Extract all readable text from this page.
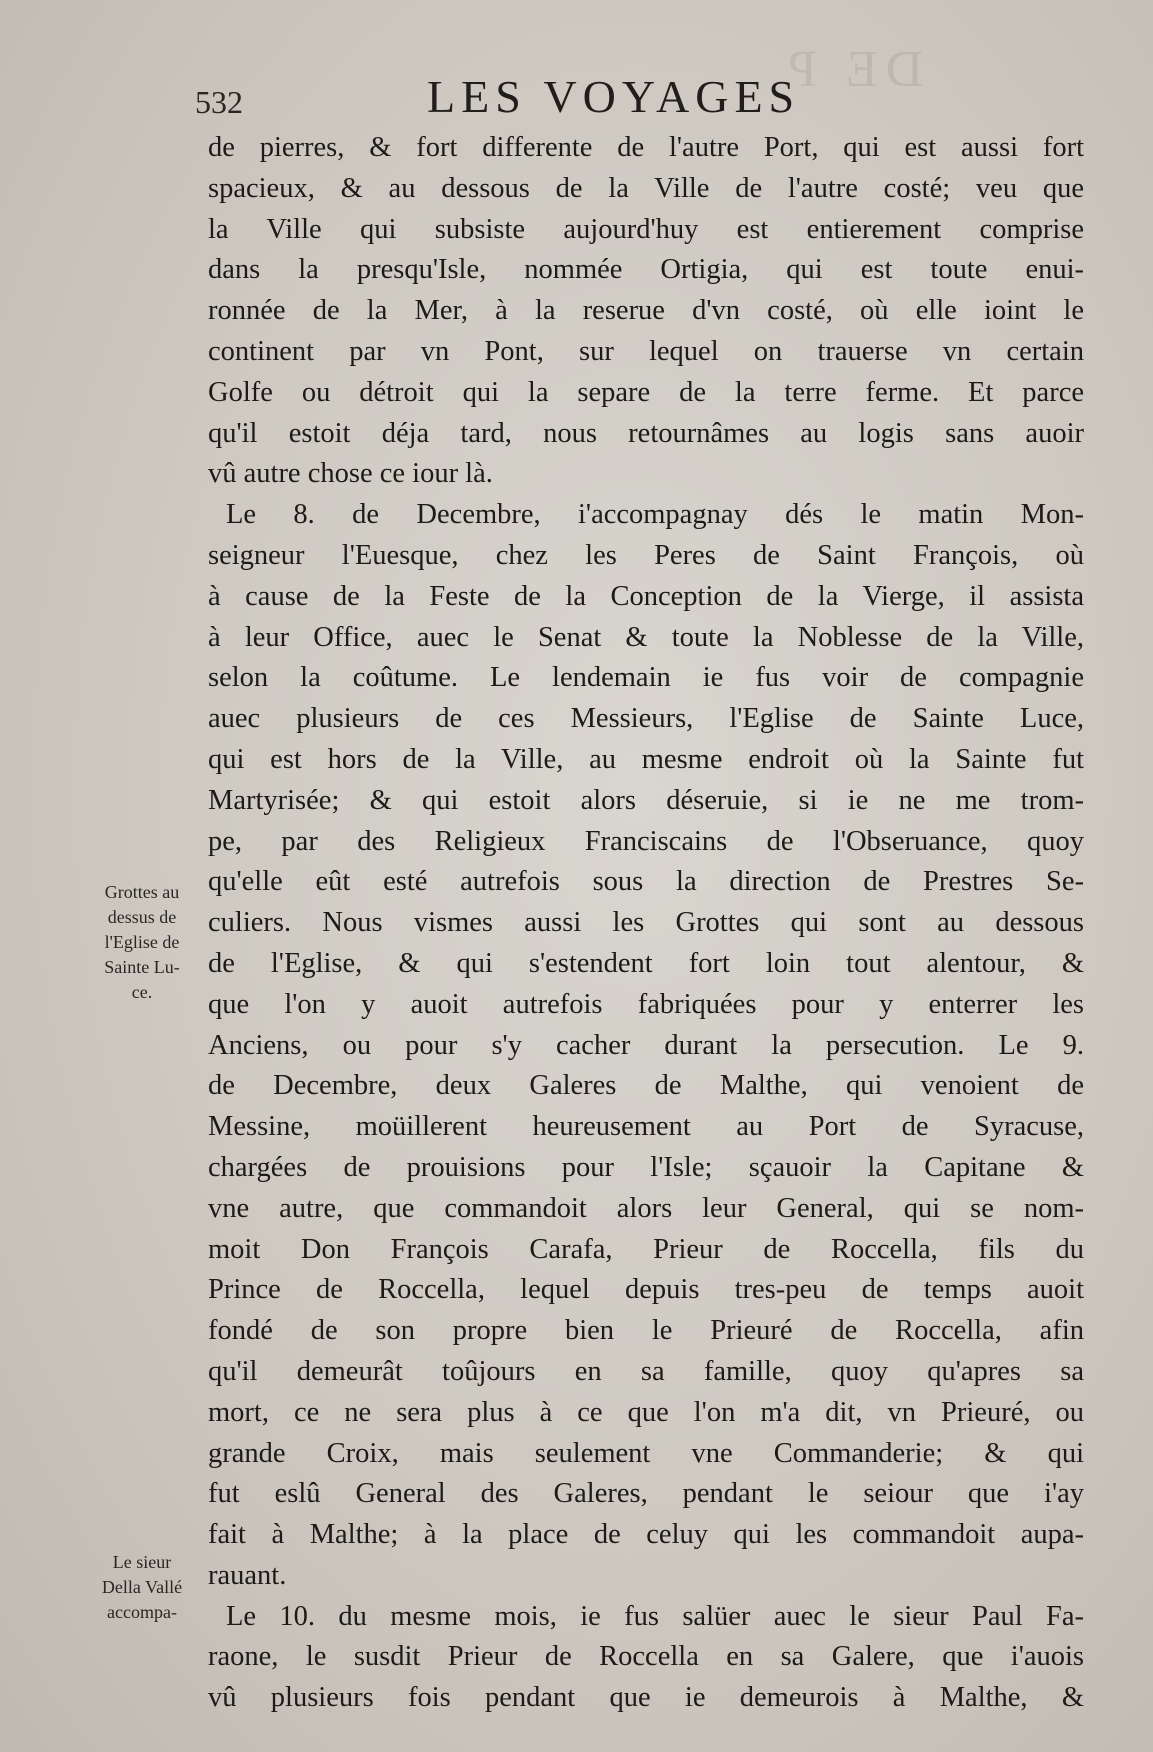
DE P
532	LES VOYAGES
de pierres, & fort differente de l'autre Port, qui est aussi fort
spacieux, & au dessous de la Ville de l'autre costé; veu que
la Ville qui subsiste aujourd'huy est entierement comprise
dans la presqu'Isle, nommée Ortigia, qui est toute enui-
ronnée de la Mer, à la reserue d'vn costé, où elle ioint le
continent par vn Pont, sur lequel on trauerse vn certain
Golfe ou détroit qui la separe de la terre ferme. Et parce
qu'il estoit déja tard, nous retournâmes au logis sans auoir
vû autre chose ce iour là.
Le 8. de Decembre, i'accompagnay dés le matin Mon-
seigneur l'Euesque, chez les Peres de Saint François, où
à cause de la Feste de la Conception de la Vierge, il assista
à leur Office, auec le Senat & toute la Noblesse de la Ville,
selon la coûtume. Le lendemain ie fus voir de compagnie
auec plusieurs de ces Messieurs, l'Eglise de Sainte Luce,
qui est hors de la Ville, au mesme endroit où la Sainte fut
Martyrisée; & qui estoit alors déseruie, si ie ne me trom-
pe, par des Religieux Franciscains de l'Obseruance, quoy
qu'elle eût esté autrefois sous la direction de Prestres Se-
culiers. Nous vismes aussi les Grottes qui sont au dessous
de l'Eglise, & qui s'estendent fort loin tout alentour, &
que l'on y auoit autrefois fabriquées pour y enterrer les
Anciens, ou pour s'y cacher durant la persecution. Le 9.
de Decembre, deux Galeres de Malthe, qui venoient de
Messine, moüillerent heureusement au Port de Syracuse,
chargées de prouisions pour l'Isle; sçauoir la Capitane &
vne autre, que commandoit alors leur General, qui se nom-
moit Don François Carafa, Prieur de Roccella, fils du
Prince de Roccella, lequel depuis tres-peu de temps auoit
fondé de son propre bien le Prieuré de Roccella, afin
qu'il demeurât toûjours en sa famille, quoy qu'apres sa
mort, ce ne sera plus à ce que l'on m'a dit, vn Prieuré, ou
grande Croix, mais seulement vne Commanderie; & qui
fut eslû General des Galeres, pendant le seiour que i'ay
fait à Malthe; à la place de celuy qui les commandoit aupa-
rauant.
Le 10. du mesme mois, ie fus salüer auec le sieur Paul Fa-
raone, le susdit Prieur de Roccella en sa Galere, que i'auois
vû plusieurs fois pendant que ie demeurois à Malthe, &
Grottes au
dessus de
l'Eglise de
Sainte Lu-
ce.
Le sieur
Della Vallé
accompa-
